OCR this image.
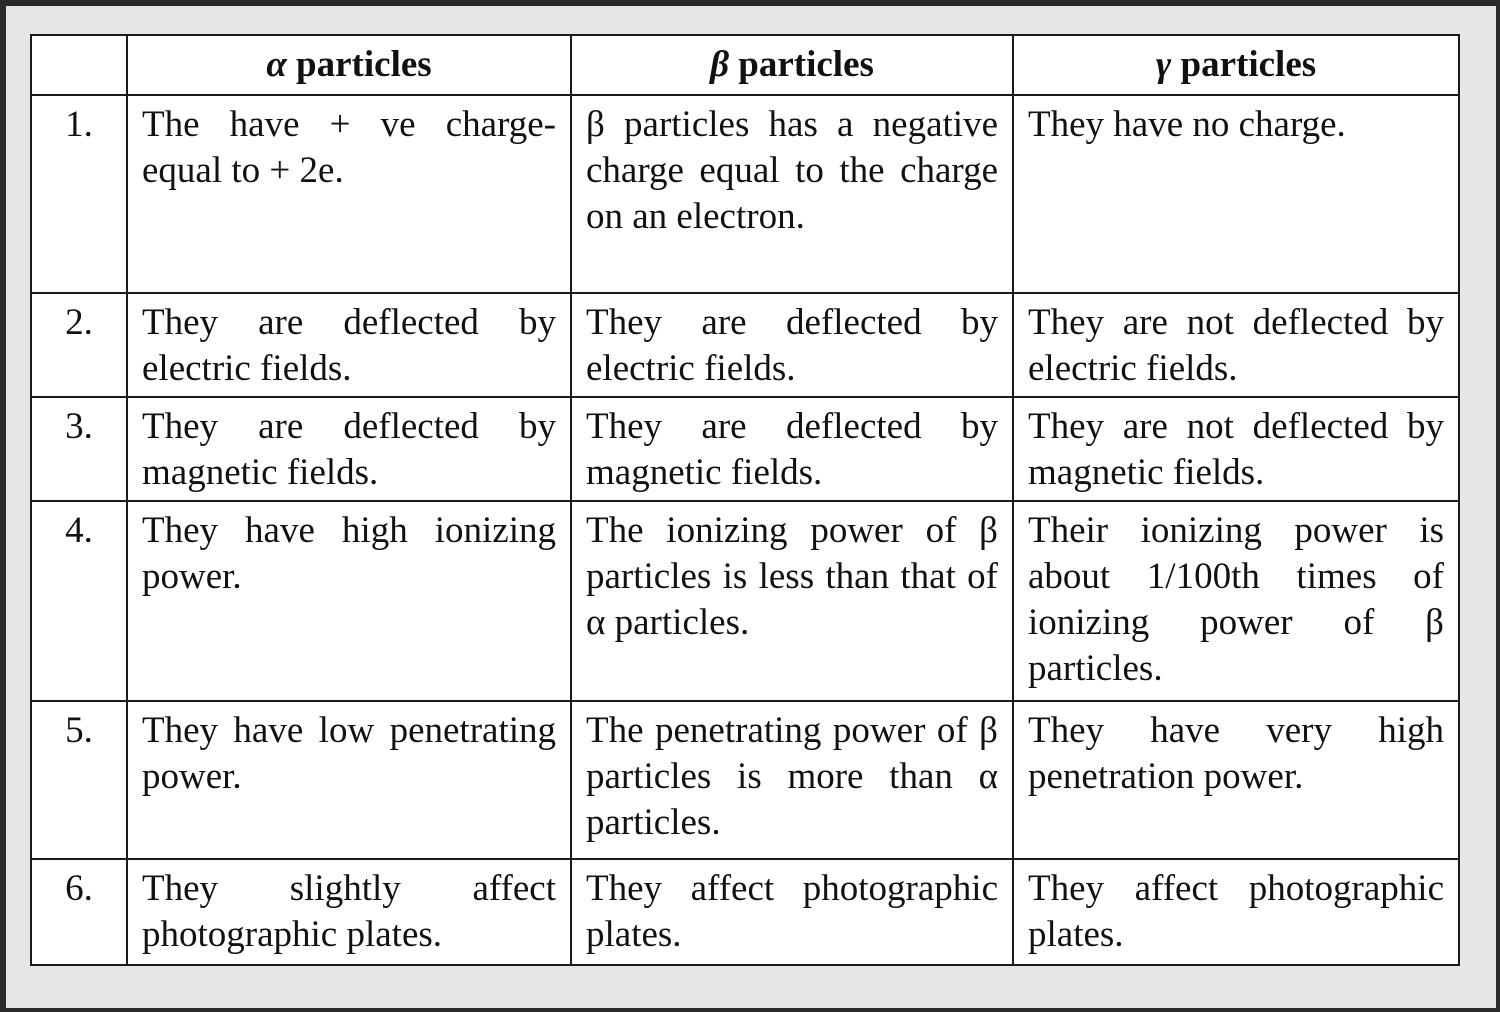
	α particles	β particles	γ particles
1.	The have + ve charge- equal to + 2e.	β particles has a negative charge equal to the charge on an electron.	They have no charge.
2.	They are deflected by electric fields.	They are deflected by electric fields.	They are not deflected by electric fields.
3.	They are deflected by magnetic fields.	They are deflected by magnetic fields.	They are not deflected by magnetic fields.
4.	They have high ionizing power.	The ionizing power of β particles is less than that of α particles.	Their ionizing power is about 1/100th times of ionizing power of β particles.
5.	They have low penetrating power.	The penetrating power of β particles is more than α particles.	They have very high penetration power.
6.	They slightly affect photographic plates.	They affect photographic plates.	They affect photographic plates.
